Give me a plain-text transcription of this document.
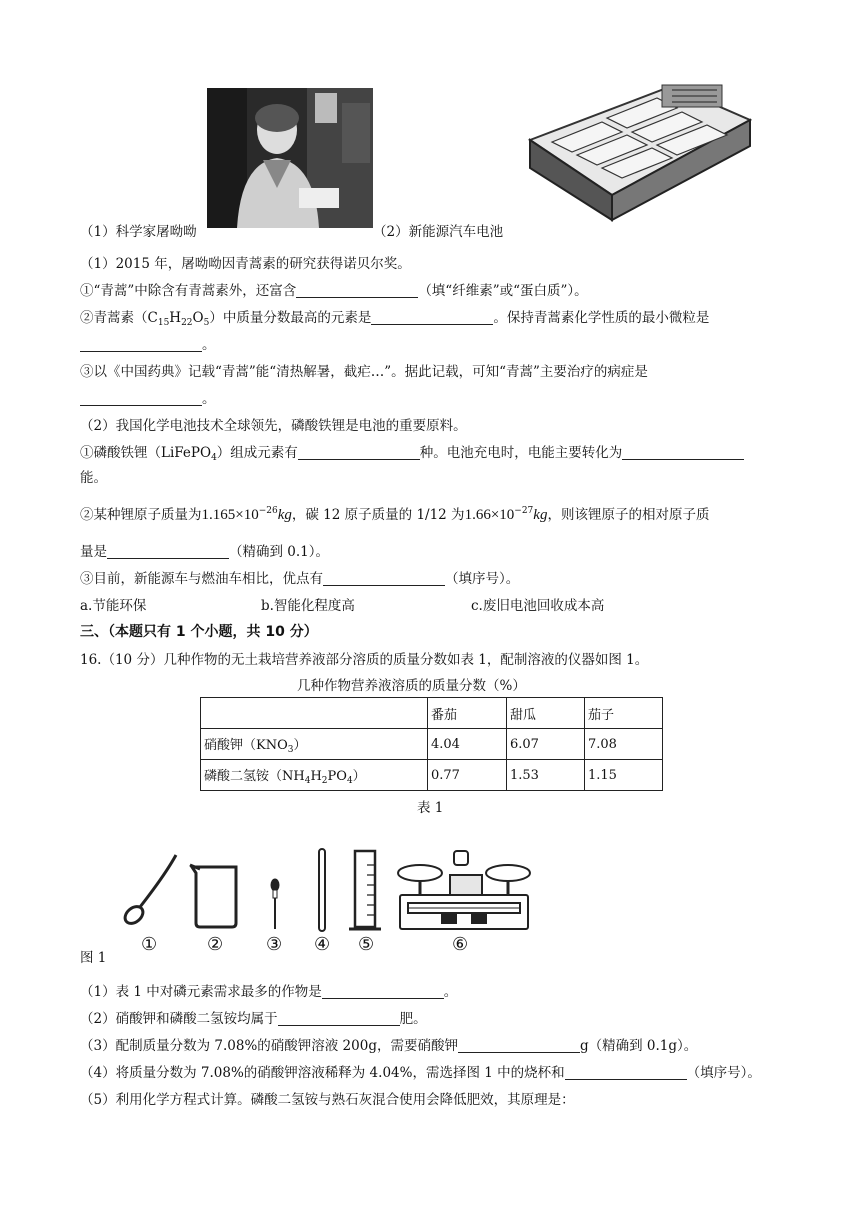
（1）科学家屠呦呦	（2）新能源汽车电池
（1）2015 年，屠呦呦因青蒿素的研究获得诺贝尔奖。
①“青蒿”中除含有青蒿素外，还富含	（填“纤维素”或“蛋白质”）。
②青蒿素$(C_{15}H_{22}O_5)$中质量分数最高的元素是	。保持青蒿素化学性质的最小微粒是
。
③以《中国药典》记载“青蒿”能“清热解暑，截疟…”。据此记载，可知“青蒿”主要治疗的病症是
。
（2）我国化学电池技术全球领先，磷酸铁锂是电池的重要原料。
①磷酸铁锂（LiFePO$_4$）组成元素有	种。电池充电时，电能主要转化为
能。
②某种锂原子质量为$1.165\times 10^{-26}kg$，碳 12 原子质量的 1/12 为$1.66\times 10^{-27}kg$，则该锂原子的相对原子质
量是	（精确到 0.1）。
③目前，新能源车与燃油车相比，优点有	（填序号）。
a.节能环保	b.智能化程度高	c.废旧电池回收成本高
三、（本题只有 1 个小题，共 10 分）
16.（10 分）几种作物的无土栽培营养液部分溶质的质量分数如表 1，配制溶液的仪器如图 1。
几种作物营养液溶质的质量分数（%）
	番茄	甜瓜	茄子
硝酸钾$(KNO_3)$	4.04	6.07	7.08
磷酸二氢铵$(NH_4H_2PO_4)$	0.77	1.53	1.15
表 1
图 1
①	② ③ ④ ⑤	⑥
（1）表 1 中对磷元素需求最多的作物是	。
（2）硝酸钾和磷酸二氢铵均属于	肥。
（3）配制质量分数为 7.08%的硝酸钾溶液 200g，需要硝酸钾	g（精确到 0.1g）。
（4）将质量分数为 7.08%的硝酸钾溶液稀释为 4.04%，需选择图 1 中的烧杯和	（填序号）。
（5）利用化学方程式计算。磷酸二氢铵与熟石灰混合使用会降低肥效，其原理是：
